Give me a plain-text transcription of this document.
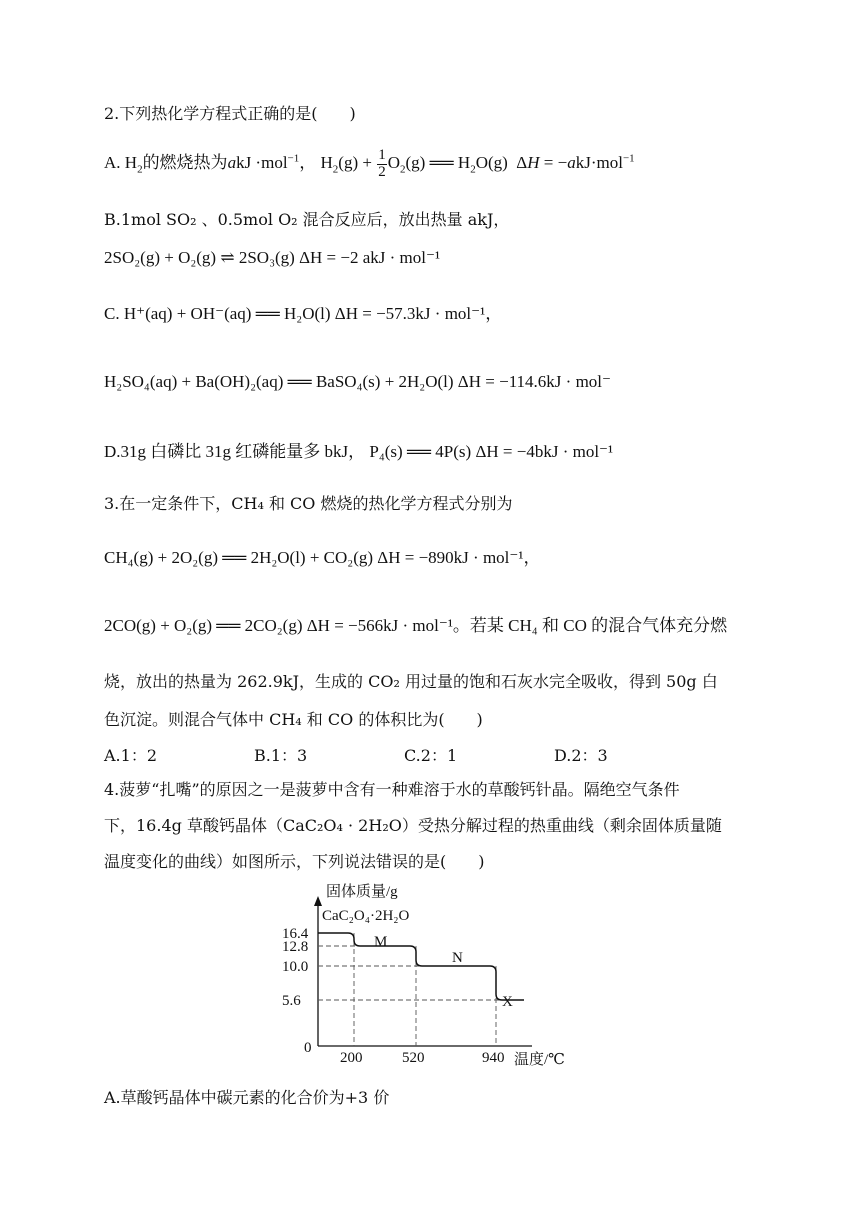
2.下列热化学方程式正确的是(　　)
A. $H_2$的燃烧热为akJ ·mol$^{-1}$， $H_2(g) + \frac{1}{2} O_2(g)$ ══ $H_2O(g) \Delta H = -akJ\cdot mol^{-1}$
B.1mol SO₂ 、0.5mol O₂ 混合反应后，放出热量 akJ，
2SO₂(g) + O₂(g) ⇌ 2SO₃(g) ΔH = −2 akJ · mol⁻¹
C. H⁺(aq) + OH⁻(aq) ══ H₂O(l) ΔH = −57.3kJ · mol⁻¹，
H₂SO₄(aq) + Ba(OH)₂(aq) ══ BaSO₄(s) + 2H₂O(l) ΔH = −114.6kJ · mol⁻
D.31g 白磷比 31g 红磷能量多 bkJ， P₄(s) ══ 4P(s) ΔH = −4bkJ · mol⁻¹
3.在一定条件下，CH₄ 和 CO 燃烧的热化学方程式分别为
CH₄(g) + 2O₂(g) ══ 2H₂O(l) + CO₂(g) ΔH = −890kJ · mol⁻¹，
2CO(g) + O₂(g) ══ 2CO₂(g) ΔH = −566kJ · mol⁻¹。若某 CH₄ 和 CO 的混合气体充分燃
烧，放出的热量为 262.9kJ，生成的 CO₂ 用过量的饱和石灰水完全吸收，得到 50g 白
色沉淀。则混合气体中 CH₄ 和 CO 的体积比为(　　)
A.1：2	B.1：3	C.2：1	D.2：3
4.菠萝“扎嘴”的原因之一是菠萝中含有一种难溶于水的草酸钙针晶。隔绝空气条件
下，16.4g 草酸钙晶体（CaC₂O₄ · 2H₂O）受热分解过程的热重曲线（剩余固体质量随
温度变化的曲线）如图所示，下列说法错误的是(　　)
固体质量/g
温度/℃
0
CaC₂O₄·2H₂O
M
N
X
16.4
12.8
10.0
5.6
200	520	940
A.草酸钙晶体中碳元素的化合价为+3 价
